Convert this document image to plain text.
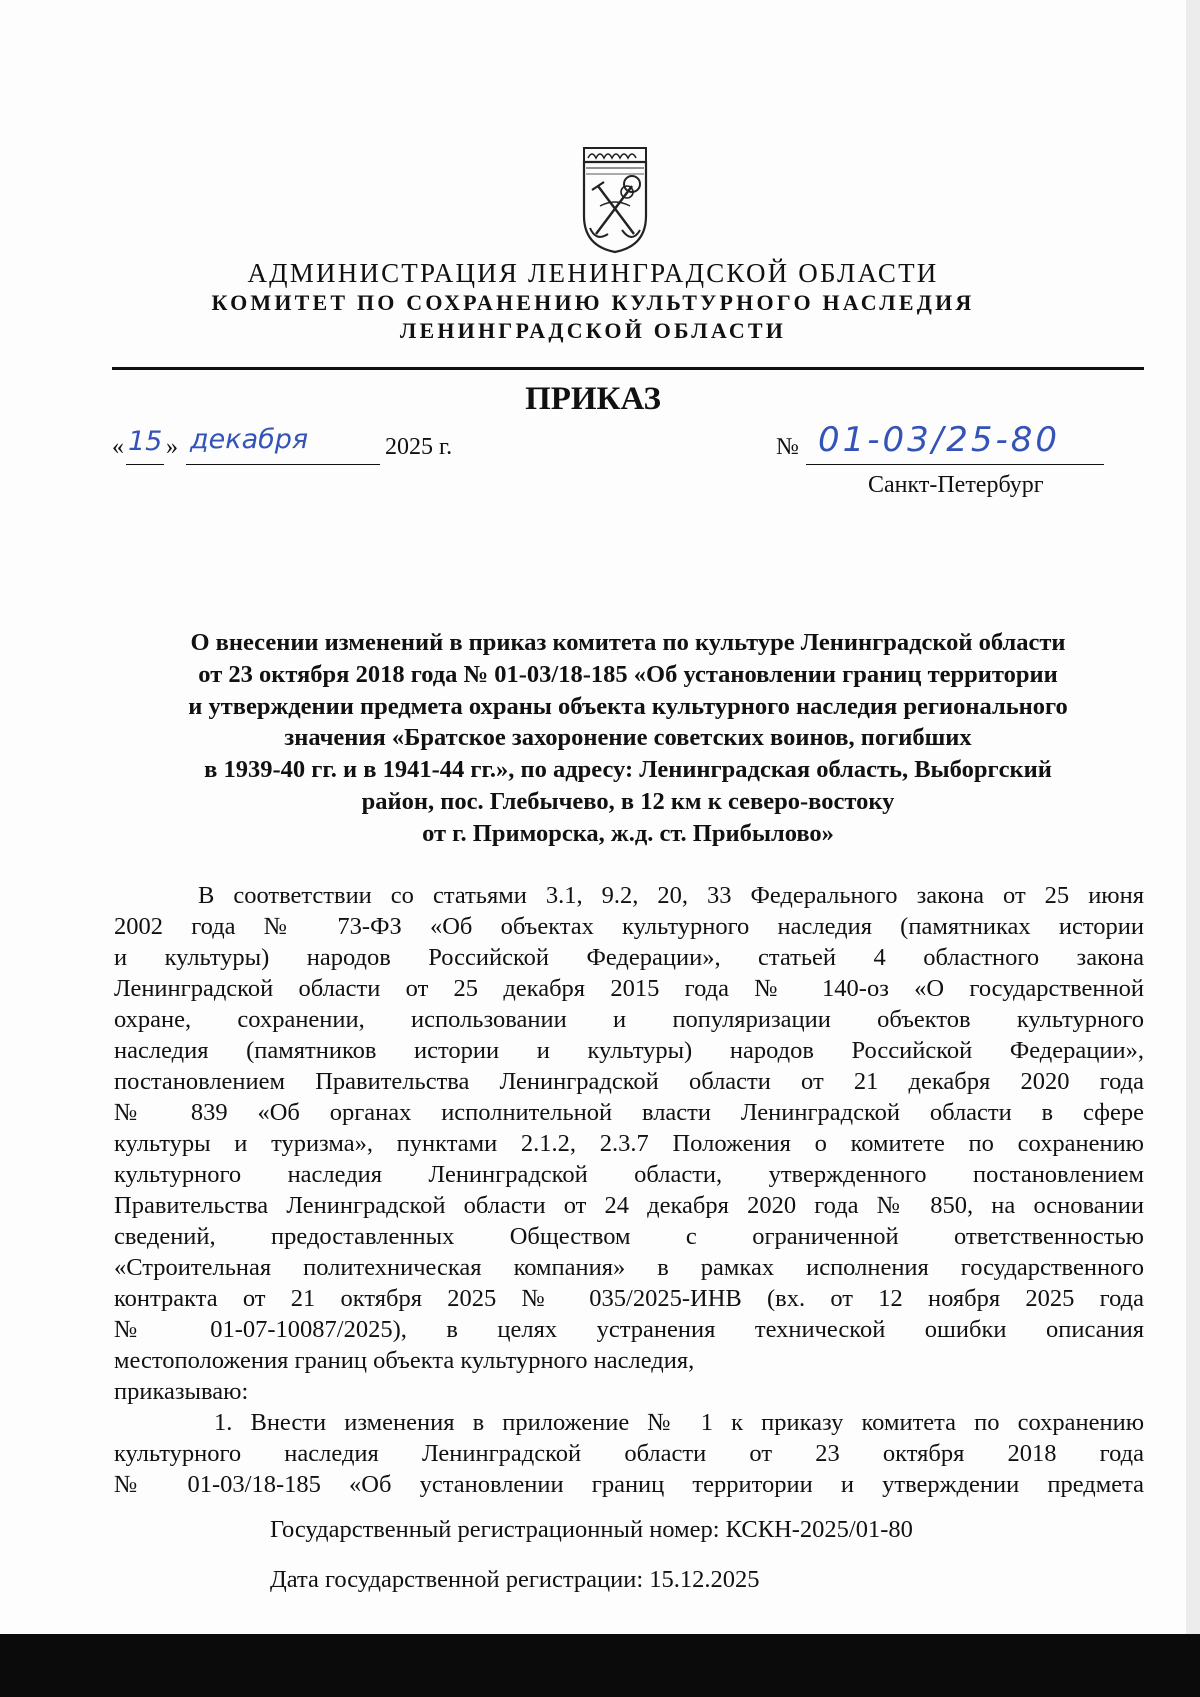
АДМИНИСТРАЦИЯ ЛЕНИНГРАДСКОЙ ОБЛАСТИ
КОМИТЕТ ПО СОХРАНЕНИЮ КУЛЬТУРНОГО НАСЛЕДИЯ
ЛЕНИНГРАДСКОЙ ОБЛАСТИ
ПРИКАЗ
« 15 » декабря	2025 г.	№ 01-03/25-80
Санкт-Петербург
О внесении изменений в приказ комитета по культуре Ленинградской области
от 23 октября 2018 года № 01-03/18-185 «Об установлении границ территории
и утверждении предмета охраны объекта культурного наследия регионального
значения «Братское захоронение советских воинов, погибших
в 1939-40 гг. и в 1941-44 гг.», по адресу: Ленинградская область, Выборгский
район, пос. Глебычево, в 12 км к северо-востоку
от г. Приморска, ж.д. ст. Прибылово»
В соответствии со статьями 3.1, 9.2, 20, 33 Федерального закона от 25 июня
2002 года № 73-ФЗ «Об объектах культурного наследия (памятниках истории
и культуры) народов Российской Федерации», статьей 4 областного закона
Ленинградской области от 25 декабря 2015 года № 140-оз «О государственной
охране, сохранении, использовании и популяризации объектов культурного
наследия (памятников истории и культуры) народов Российской Федерации»,
постановлением Правительства Ленинградской области от 21 декабря 2020 года
№ 839 «Об органах исполнительной власти Ленинградской области в сфере
культуры и туризма», пунктами 2.1.2, 2.3.7 Положения о комитете по сохранению
культурного наследия Ленинградской области, утвержденного постановлением
Правительства Ленинградской области от 24 декабря 2020 года № 850, на основании
сведений, предоставленных Обществом с ограниченной ответственностью
«Строительная политехническая компания» в рамках исполнения государственного
контракта от 21 октября 2025 № 035/2025-ИНВ (вх. от 12 ноября 2025 года
№ 01-07-10087/2025), в целях устранения технической ошибки описания
местоположения границ объекта культурного наследия,
приказываю:
1. Внести изменения в приложение № 1 к приказу комитета по сохранению
культурного наследия Ленинградской области от 23 октября 2018 года
№ 01-03/18-185 «Об установлении границ территории и утверждении предмета
Государственный регистрационный номер: КСКН-2025/01-80
Дата государственной регистрации: 15.12.2025
